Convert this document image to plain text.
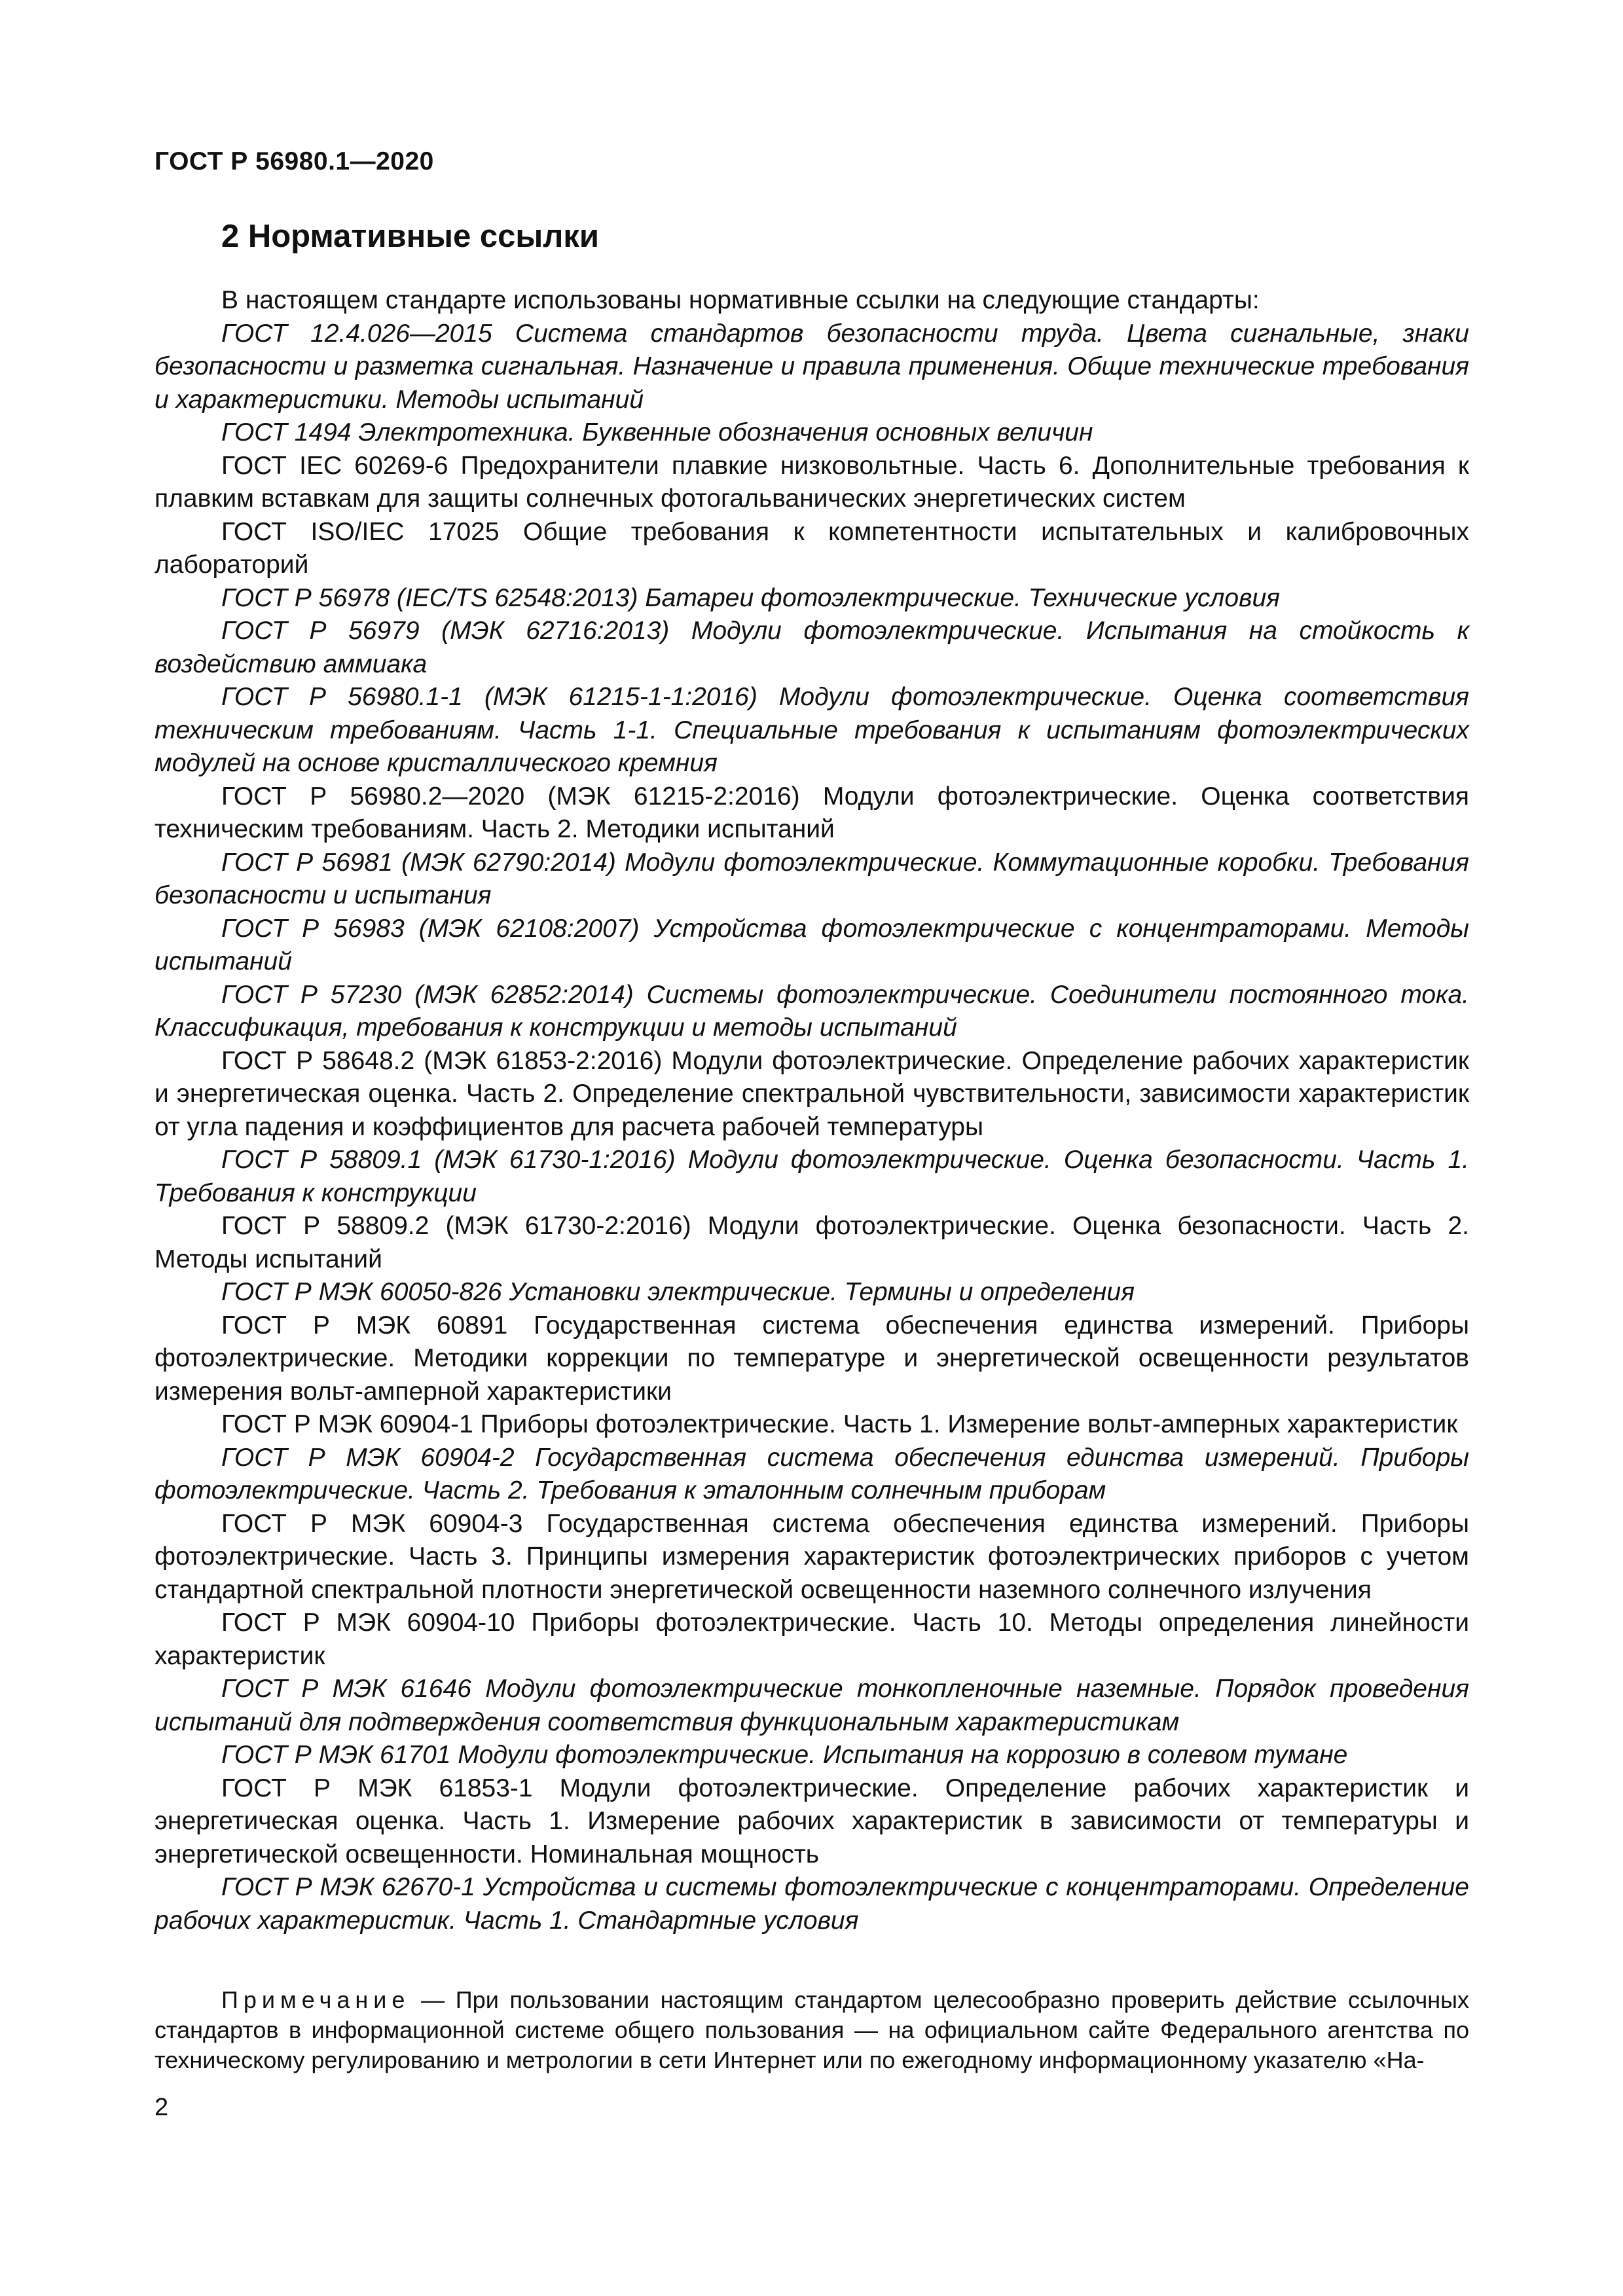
ГОСТ Р 56980.1—2020
2 Нормативные ссылки

В настоящем стандарте использованы нормативные ссылки на следующие стандарты:

ГОСТ 12.4.026—2015 Система стандартов безопасности труда. Цвета сигнальные, знаки безопасности и разметка сигнальная. Назначение и правила применения. Общие технические требования и характеристики. Методы испытаний

ГОСТ 1494 Электротехника. Буквенные обозначения основных величин

ГОСТ IEC 60269-6 Предохранители плавкие низковольтные. Часть 6. Дополнительные требования к плавким вставкам для защиты солнечных фотогальванических энергетических систем

ГОСТ ISO/IEC 17025 Общие требования к компетентности испытательных и калибровочных лабораторий

ГОСТ Р 56978 (IEC/TS 62548:2013) Батареи фотоэлектрические. Технические условия

ГОСТ Р 56979 (МЭК 62716:2013) Модули фотоэлектрические. Испытания на стойкость к воздействию аммиака

ГОСТ Р 56980.1-1 (МЭК 61215-1-1:2016) Модули фотоэлектрические. Оценка соответствия техническим требованиям. Часть 1-1. Специальные требования к испытаниям фотоэлектрических модулей на основе кристаллического кремния

ГОСТ Р 56980.2—2020 (МЭК 61215-2:2016) Модули фотоэлектрические. Оценка соответствия техническим требованиям. Часть 2. Методики испытаний

ГОСТ Р 56981 (МЭК 62790:2014) Модули фотоэлектрические. Коммутационные коробки. Требования безопасности и испытания

ГОСТ Р 56983 (МЭК 62108:2007) Устройства фотоэлектрические с концентраторами. Методы испытаний

ГОСТ Р 57230 (МЭК 62852:2014) Системы фотоэлектрические. Соединители постоянного тока. Классификация, требования к конструкции и методы испытаний

ГОСТ Р 58648.2 (МЭК 61853-2:2016) Модули фотоэлектрические. Определение рабочих характеристик и энергетическая оценка. Часть 2. Определение спектральной чувствительности, зависимости характеристик от угла падения и коэффициентов для расчета рабочей температуры

ГОСТ Р 58809.1 (МЭК 61730-1:2016) Модули фотоэлектрические. Оценка безопасности. Часть 1. Требования к конструкции

ГОСТ Р 58809.2 (МЭК 61730-2:2016) Модули фотоэлектрические. Оценка безопасности. Часть 2. Методы испытаний

ГОСТ Р МЭК 60050-826 Установки электрические. Термины и определения

ГОСТ Р МЭК 60891 Государственная система обеспечения единства измерений. Приборы фотоэлектрические. Методики коррекции по температуре и энергетической освещенности результатов измерения вольт-амперной характеристики

ГОСТ Р МЭК 60904-1 Приборы фотоэлектрические. Часть 1. Измерение вольт-амперных характеристик

ГОСТ Р МЭК 60904-2 Государственная система обеспечения единства измерений. Приборы фотоэлектрические. Часть 2. Требования к эталонным солнечным приборам

ГОСТ Р МЭК 60904-3 Государственная система обеспечения единства измерений. Приборы фотоэлектрические. Часть 3. Принципы измерения характеристик фотоэлектрических приборов с учетом стандартной спектральной плотности энергетической освещенности наземного солнечного излучения

ГОСТ Р МЭК 60904-10 Приборы фотоэлектрические. Часть 10. Методы определения линейности характеристик

ГОСТ Р МЭК 61646 Модули фотоэлектрические тонкопленочные наземные. Порядок проведения испытаний для подтверждения соответствия функциональным характеристикам

ГОСТ Р МЭК 61701 Модули фотоэлектрические. Испытания на коррозию в солевом тумане

ГОСТ Р МЭК 61853-1 Модули фотоэлектрические. Определение рабочих характеристик и энергетическая оценка. Часть 1. Измерение рабочих характеристик в зависимости от температуры и энергетической освещенности. Номинальная мощность

ГОСТ Р МЭК 62670-1 Устройства и системы фотоэлектрические с концентраторами. Определение рабочих характеристик. Часть 1. Стандартные условия

Примечание — При пользовании настоящим стандартом целесообразно проверить действие ссылочных стандартов в информационной системе общего пользования — на официальном сайте Федерального агентства по техническому регулированию и метрологии в сети Интернет или по ежегодному информационному указателю «На-
2
